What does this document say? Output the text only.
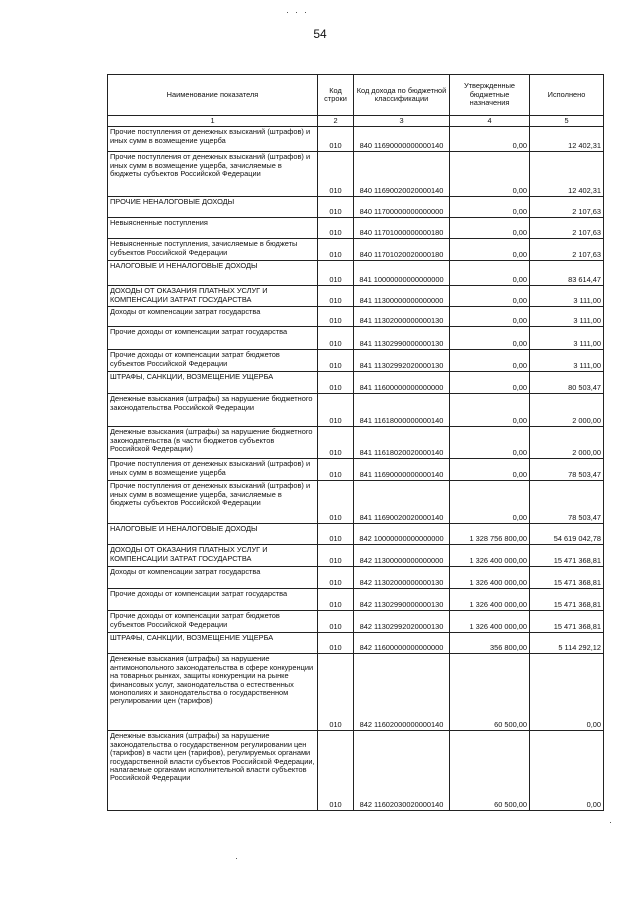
54
Наименование показателя	Код строки	Код дохода по бюджетной классификации	Утвержденные бюджетные назначения	Исполнено
1	2	3	4	5
Прочие поступления от денежных взысканий (штрафов) и иных сумм в возмещение ущерба	010	840 11690000000000140	0,00	12 402,31
Прочие поступления от денежных взысканий (штрафов) и иных сумм в возмещение ущерба, зачисляемые в бюджеты субъектов Российской Федерации	010	840 11690020020000140	0,00	12 402,31
ПРОЧИЕ НЕНАЛОГОВЫЕ ДОХОДЫ	010	840 11700000000000000	0,00	2 107,63
Невыясненные поступления	010	840 11701000000000180	0,00	2 107,63
Невыясненные поступления, зачисляемые в бюджеты субъектов Российской Федерации	010	840 11701020020000180	0,00	2 107,63
НАЛОГОВЫЕ И НЕНАЛОГОВЫЕ ДОХОДЫ	010	841 10000000000000000	0,00	83 614,47
ДОХОДЫ ОТ ОКАЗАНИЯ ПЛАТНЫХ УСЛУГ И КОМПЕНСАЦИИ ЗАТРАТ ГОСУДАРСТВА	010	841 11300000000000000	0,00	3 111,00
Доходы от компенсации затрат государства	010	841 11302000000000130	0,00	3 111,00
Прочие доходы от компенсации затрат государства	010	841 11302990000000130	0,00	3 111,00
Прочие доходы от компенсации затрат бюджетов субъектов Российской Федерации	010	841 11302992020000130	0,00	3 111,00
ШТРАФЫ, САНКЦИИ, ВОЗМЕЩЕНИЕ УЩЕРБА	010	841 11600000000000000	0,00	80 503,47
Денежные взыскания (штрафы) за нарушение бюджетного законодательства Российской Федерации	010	841 11618000000000140	0,00	2 000,00
Денежные взыскания (штрафы) за нарушение бюджетного законодательства (в части бюджетов субъектов Российской Федерации)	010	841 11618020020000140	0,00	2 000,00
Прочие поступления от денежных взысканий (штрафов) и иных сумм в возмещение ущерба	010	841 11690000000000140	0,00	78 503,47
Прочие поступления от денежных взысканий (штрафов) и иных сумм в возмещение ущерба, зачисляемые в бюджеты субъектов Российской Федерации	010	841 11690020020000140	0,00	78 503,47
НАЛОГОВЫЕ И НЕНАЛОГОВЫЕ ДОХОДЫ	010	842 10000000000000000	1 328 756 800,00	54 619 042,78
ДОХОДЫ ОТ ОКАЗАНИЯ ПЛАТНЫХ УСЛУГ И КОМПЕНСАЦИИ ЗАТРАТ ГОСУДАРСТВА	010	842 11300000000000000	1 326 400 000,00	15 471 368,81
Доходы от компенсации затрат государства	010	842 11302000000000130	1 326 400 000,00	15 471 368,81
Прочие доходы от компенсации затрат государства	010	842 11302990000000130	1 326 400 000,00	15 471 368,81
Прочие доходы от компенсации затрат бюджетов субъектов Российской Федерации	010	842 11302992020000130	1 326 400 000,00	15 471 368,81
ШТРАФЫ, САНКЦИИ, ВОЗМЕЩЕНИЕ УЩЕРБА	010	842 11600000000000000	356 800,00	5 114 292,12
Денежные взыскания (штрафы) за нарушение антимонопольного законодательства в сфере конкуренции на товарных рынках, защиты конкуренции на рынке финансовых услуг, законодательства о естественных монополиях и законодательства о государственном регулировании цен (тарифов)	010	842 11602000000000140	60 500,00	0,00
Денежные взыскания (штрафы) за нарушение законодательства о государственном регулировании цен (тарифов) в части цен (тарифов), регулируемых органами государственной власти субъектов Российской Федерации, налагаемые органами исполнительной власти субъектов Российской Федерации	010	842 11602030020000140	60 500,00	0,00
